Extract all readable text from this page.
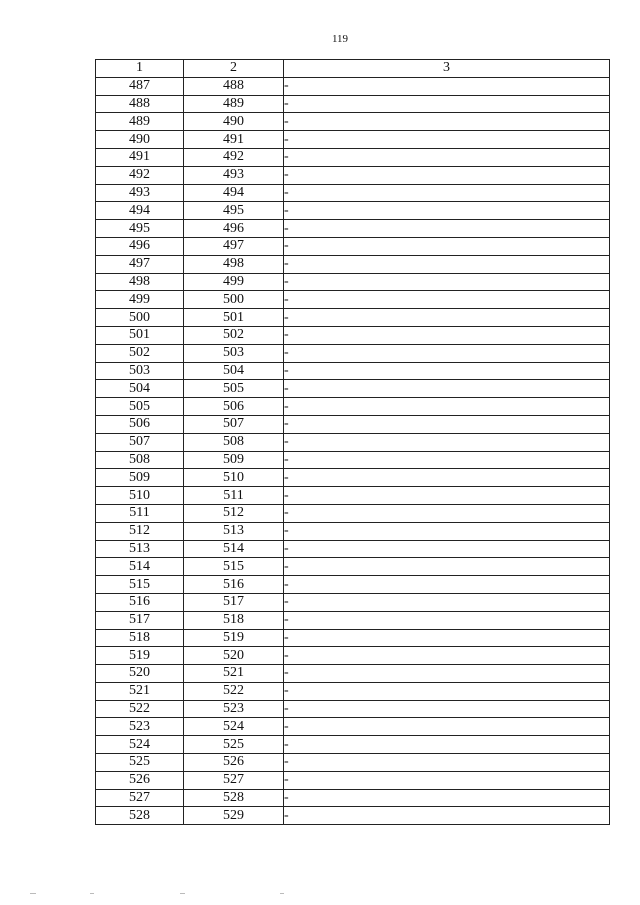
119
1	2	3
487	488	-
488	489	-
489	490	-
490	491	-
491	492	-
492	493	-
493	494	-
494	495	-
495	496	-
496	497	-
497	498	-
498	499	-
499	500	-
500	501	-
501	502	-
502	503	-
503	504	-
504	505	-
505	506	-
506	507	-
507	508	-
508	509	-
509	510	-
510	511	-
511	512	-
512	513	-
513	514	-
514	515	-
515	516	-
516	517	-
517	518	-
518	519	-
519	520	-
520	521	-
521	522	-
522	523	-
523	524	-
524	525	-
525	526	-
526	527	-
527	528	-
528	529	-
